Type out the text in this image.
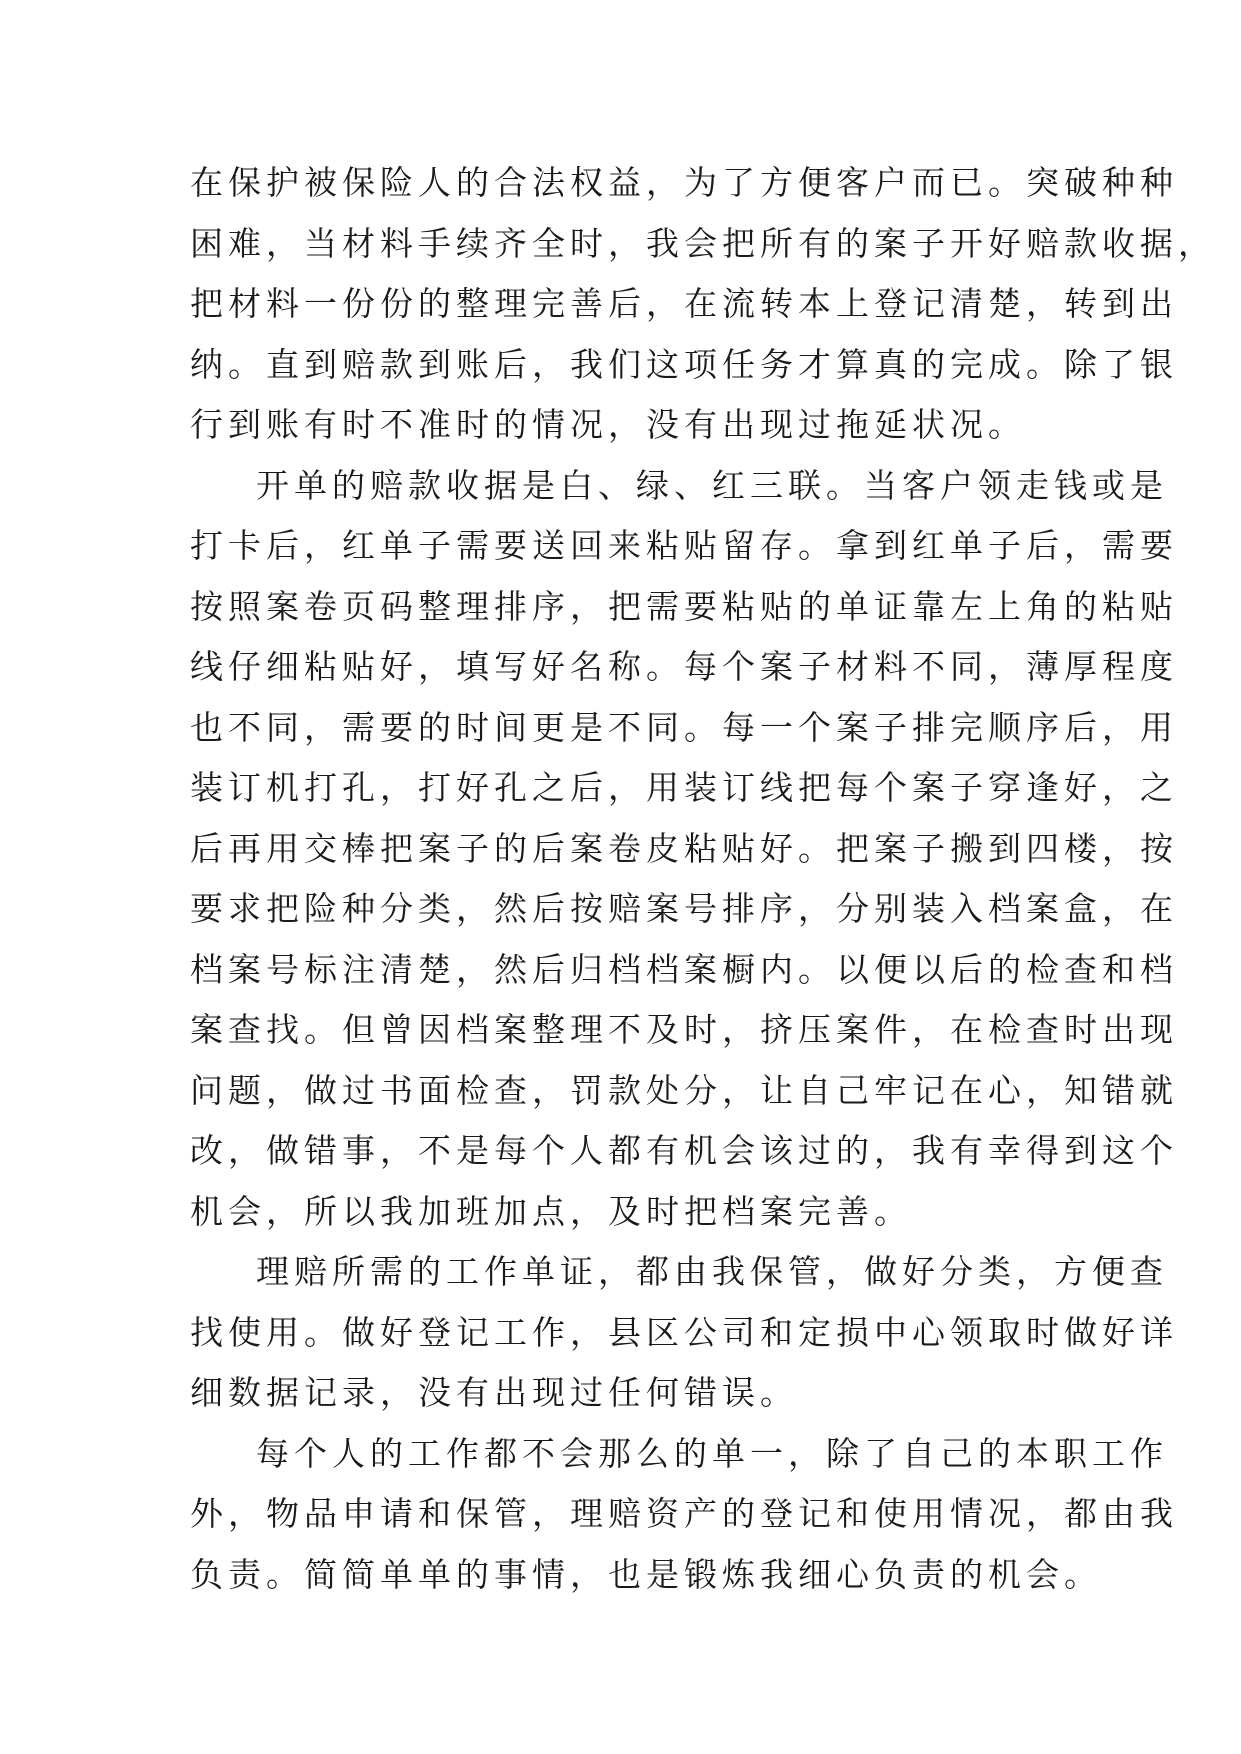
在保护被保险人的合法权益，为了方便客户而已。突破种种
困难，当材料手续齐全时，我会把所有的案子开好赔款收据，
把材料一份份的整理完善后，在流转本上登记清楚，转到出
纳。直到赔款到账后，我们这项任务才算真的完成。除了银
行到账有时不准时的情况，没有出现过拖延状况。
开单的赔款收据是白、绿、红三联。当客户领走钱或是
打卡后，红单子需要送回来粘贴留存。拿到红单子后，需要
按照案卷页码整理排序，把需要粘贴的单证靠左上角的粘贴
线仔细粘贴好，填写好名称。每个案子材料不同，薄厚程度
也不同，需要的时间更是不同。每一个案子排完顺序后，用
装订机打孔，打好孔之后，用装订线把每个案子穿逢好，之
后再用交棒把案子的后案卷皮粘贴好。把案子搬到四楼，按
要求把险种分类，然后按赔案号排序，分别装入档案盒，在
档案号标注清楚，然后归档档案橱内。以便以后的检查和档
案查找。但曾因档案整理不及时，挤压案件，在检查时出现
问题，做过书面检查，罚款处分，让自己牢记在心，知错就
改，做错事，不是每个人都有机会该过的，我有幸得到这个
机会，所以我加班加点，及时把档案完善。
理赔所需的工作单证，都由我保管，做好分类，方便查
找使用。做好登记工作，县区公司和定损中心领取时做好详
细数据记录，没有出现过任何错误。
每个人的工作都不会那么的单一，除了自己的本职工作
外，物品申请和保管，理赔资产的登记和使用情况，都由我
负责。简简单单的事情，也是锻炼我细心负责的机会。
